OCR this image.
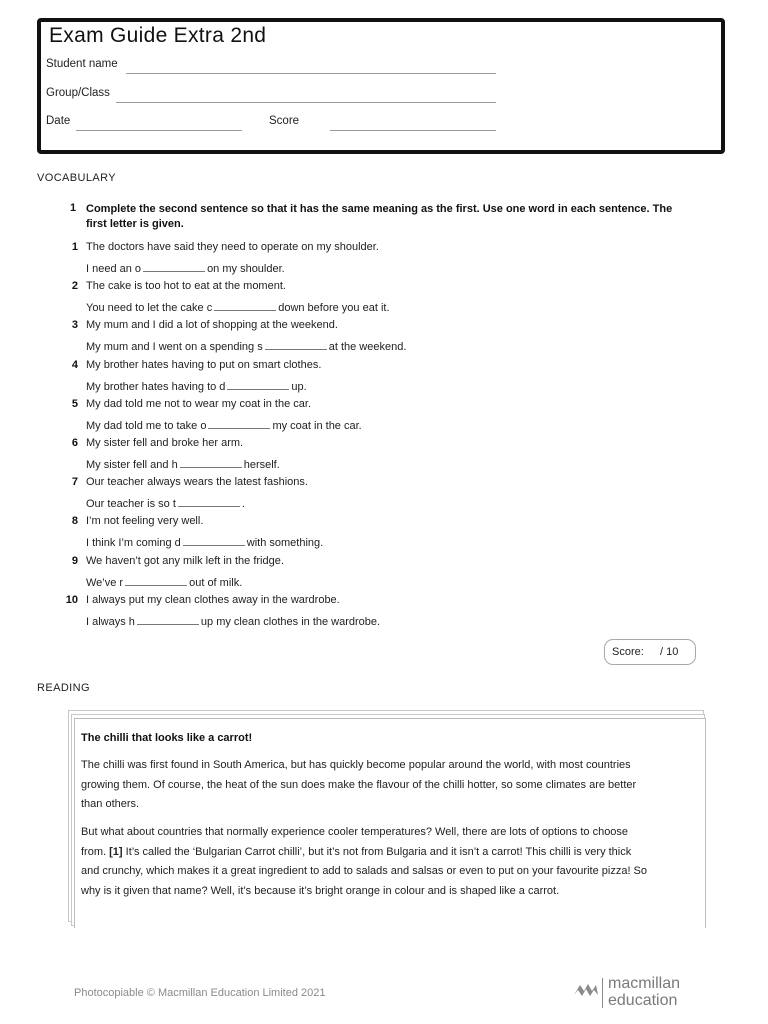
Exam Guide Extra 2nd
Student name
Group/Class
Date	Score
VOCABULARY
1 Complete the second sentence so that it has the same meaning as the first. Use one word in each sentence. The
first letter is given.
1 The doctors have said they need to operate on my shoulder.
I need an o	on my shoulder.
2 The cake is too hot to eat at the moment.
You need to let the cake c	down before you eat it.
3 My mum and I did a lot of shopping at the weekend.
My mum and I went on a spending s	at the weekend.
4 My brother hates having to put on smart clothes.
My brother hates having to d	up.
5 My dad told me not to wear my coat in the car.
My dad told me to take o	my coat in the car.
6 My sister fell and broke her arm.
My sister fell and h	herself.
7 Our teacher always wears the latest fashions.
Our teacher is so t	.
8 I’m not feeling very well.
I think I’m coming d	with something.
9 We haven’t got any milk left in the fridge.
We’ve r	out of milk.
10 I always put my clean clothes away in the wardrobe.
I always h	up my clean clothes in the wardrobe.
Score: / 10
READING
The chilli that looks like a carrot!
The chilli was first found in South America, but has quickly become popular around the world, with most countries
growing them. Of course, the heat of the sun does make the flavour of the chilli hotter, so some climates are better
than others.
But what about countries that normally experience cooler temperatures? Well, there are lots of options to choose
from. [1] It’s called the ‘Bulgarian Carrot chilli’, but it’s not from Bulgaria and it isn’t a carrot! This chilli is very thick
and crunchy, which makes it a great ingredient to add to salads and salsas or even to put on your favourite pizza! So
why is it given that name? Well, it’s because it’s bright orange in colour and is shaped like a carrot.
Photocopiable © Macmillan Education Limited 2021
macmillan
education
